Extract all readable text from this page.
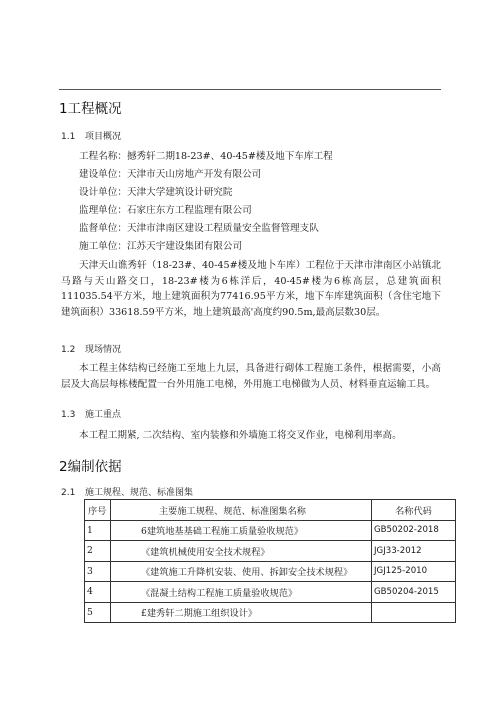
1工程概况
1.1 项目概况
工程名称：撼秀轩二期18-23#、40-45#楼及地下车库工程
建设单位：天津市天山房地产开发有限公司
设计单位：天津大学建筑设计研究院
监理单位：石家庄东方工程监理有限公司
监督单位：天津市津南区建设工程质量安全监督管理支队
施工单位：江苏天宇建设集团有限公司
天津天山谯秀轩（18-23#、40-45#楼及地卜车库）工程位于天津市津南区小站镇北马路与天山路交口，18-23#楼为6栋洋后，40-45#楼为6栋高层，总建筑面积111035.54平方米，地上建筑面积为77416.95平方米，地下车库建筑面积（含住宅地下建筑面积）33618.59平方米，地上建筑最高'高度约90.5m,最高层数30层。
1.2 现场情况
本工程主体结构已经施工至地上九层，具备进行砌体工程施工条件，根据需要，小高层及大高层每栋楼配置一台外用施工电梯，外用施工电梯做为人员、材料垂直运输工具。
1.3 施工重点
本工程工期紧, 二次结构、室内装修和外墙施工将交叉作业，电梯利用率高。
2编制依据
2.1 施工规程、规范、标准图集
序号	主要施工规程、规范、标准图集名称	名称代码
1	6建筑地基基础工程施工质量验收规范》	GB50202-2018
2	《建筑机械使用安全技术规程》	JGJ33-2012
3	《建筑施工升降机安装、使用、拆卸安全技术规程》	JGJ125-2010
4	《混凝土结构工程施工质量验收规范》	GB50204-2015
5	£建秀轩二期施工组织设计》	
